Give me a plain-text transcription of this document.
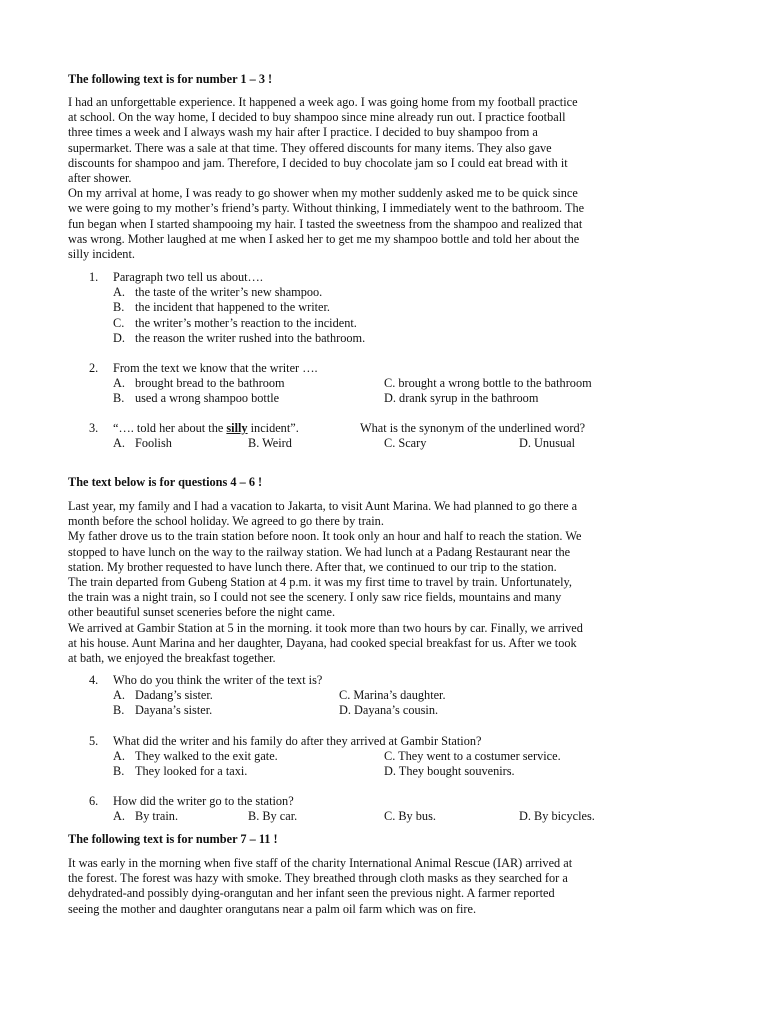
The following text is for number 1 – 3 !
I had an unforgettable experience. It happened a week ago. I was going home from my football practice
at school. On the way home, I decided to buy shampoo since mine already run out. I practice football
three times a week and I always wash my hair after I practice. I decided to buy shampoo from a
supermarket. There was a sale at that time. They offered discounts for many items. They also gave
discounts for shampoo and jam. Therefore, I decided to buy chocolate jam so I could eat bread with it
after shower.
On my arrival at home, I was ready to go shower when my mother suddenly asked me to be quick since
we were going to my mother’s friend’s party. Without thinking, I immediately went to the bathroom. The
fun began when I started shampooing my hair. I tasted the sweetness from the shampoo and realized that
was wrong. Mother laughed at me when I asked her to get me my shampoo bottle and told her about the
silly incident.
1. Paragraph two tell us about….
A. the taste of the writer’s new shampoo.
B. the incident that happened to the writer.
C. the writer’s mother’s reaction to the incident.
D. the reason the writer rushed into the bathroom.
2. From the text we know that the writer ….
A. brought bread to the bathroom	C. brought a wrong bottle to the bathroom
B. used a wrong shampoo bottle	D. drank syrup in the bathroom
3. “…. told her about the silly incident”.	What is the synonym of the underlined word?
A. Foolish	B. Weird	C. Scary	D. Unusual
The text below is for questions 4 – 6 !
Last year, my family and I had a vacation to Jakarta, to visit Aunt Marina. We had planned to go there a
month before the school holiday. We agreed to go there by train.
My father drove us to the train station before noon. It took only an hour and half to reach the station. We
stopped to have lunch on the way to the railway station. We had lunch at a Padang Restaurant near the
station. My brother requested to have lunch there. After that, we continued to our trip to the station.
The train departed from Gubeng Station at 4 p.m. it was my first time to travel by train. Unfortunately,
the train was a night train, so I could not see the scenery. I only saw rice fields, mountains and many
other beautiful sunset sceneries before the night came.
We arrived at Gambir Station at 5 in the morning. it took more than two hours by car. Finally, we arrived
at his house. Aunt Marina and her daughter, Dayana, had cooked special breakfast for us. After we took
at bath, we enjoyed the breakfast together.
4. Who do you think the writer of the text is?
A. Dadang’s sister.	C. Marina’s daughter.
B. Dayana’s sister.	D. Dayana’s cousin.
5. What did the writer and his family do after they arrived at Gambir Station?
A. They walked to the exit gate.	C. They went to a costumer service.
B. They looked for a taxi.	D. They bought souvenirs.
6. How did the writer go to the station?
A. By train.	B. By car.	C. By bus.	D. By bicycles.
The following text is for number 7 – 11 !
It was early in the morning when five staff of the charity International Animal Rescue (IAR) arrived at
the forest. The forest was hazy with smoke. They breathed through cloth masks as they searched for a
dehydrated-and possibly dying-orangutan and her infant seen the previous night. A farmer reported
seeing the mother and daughter orangutans near a palm oil farm which was on fire.
